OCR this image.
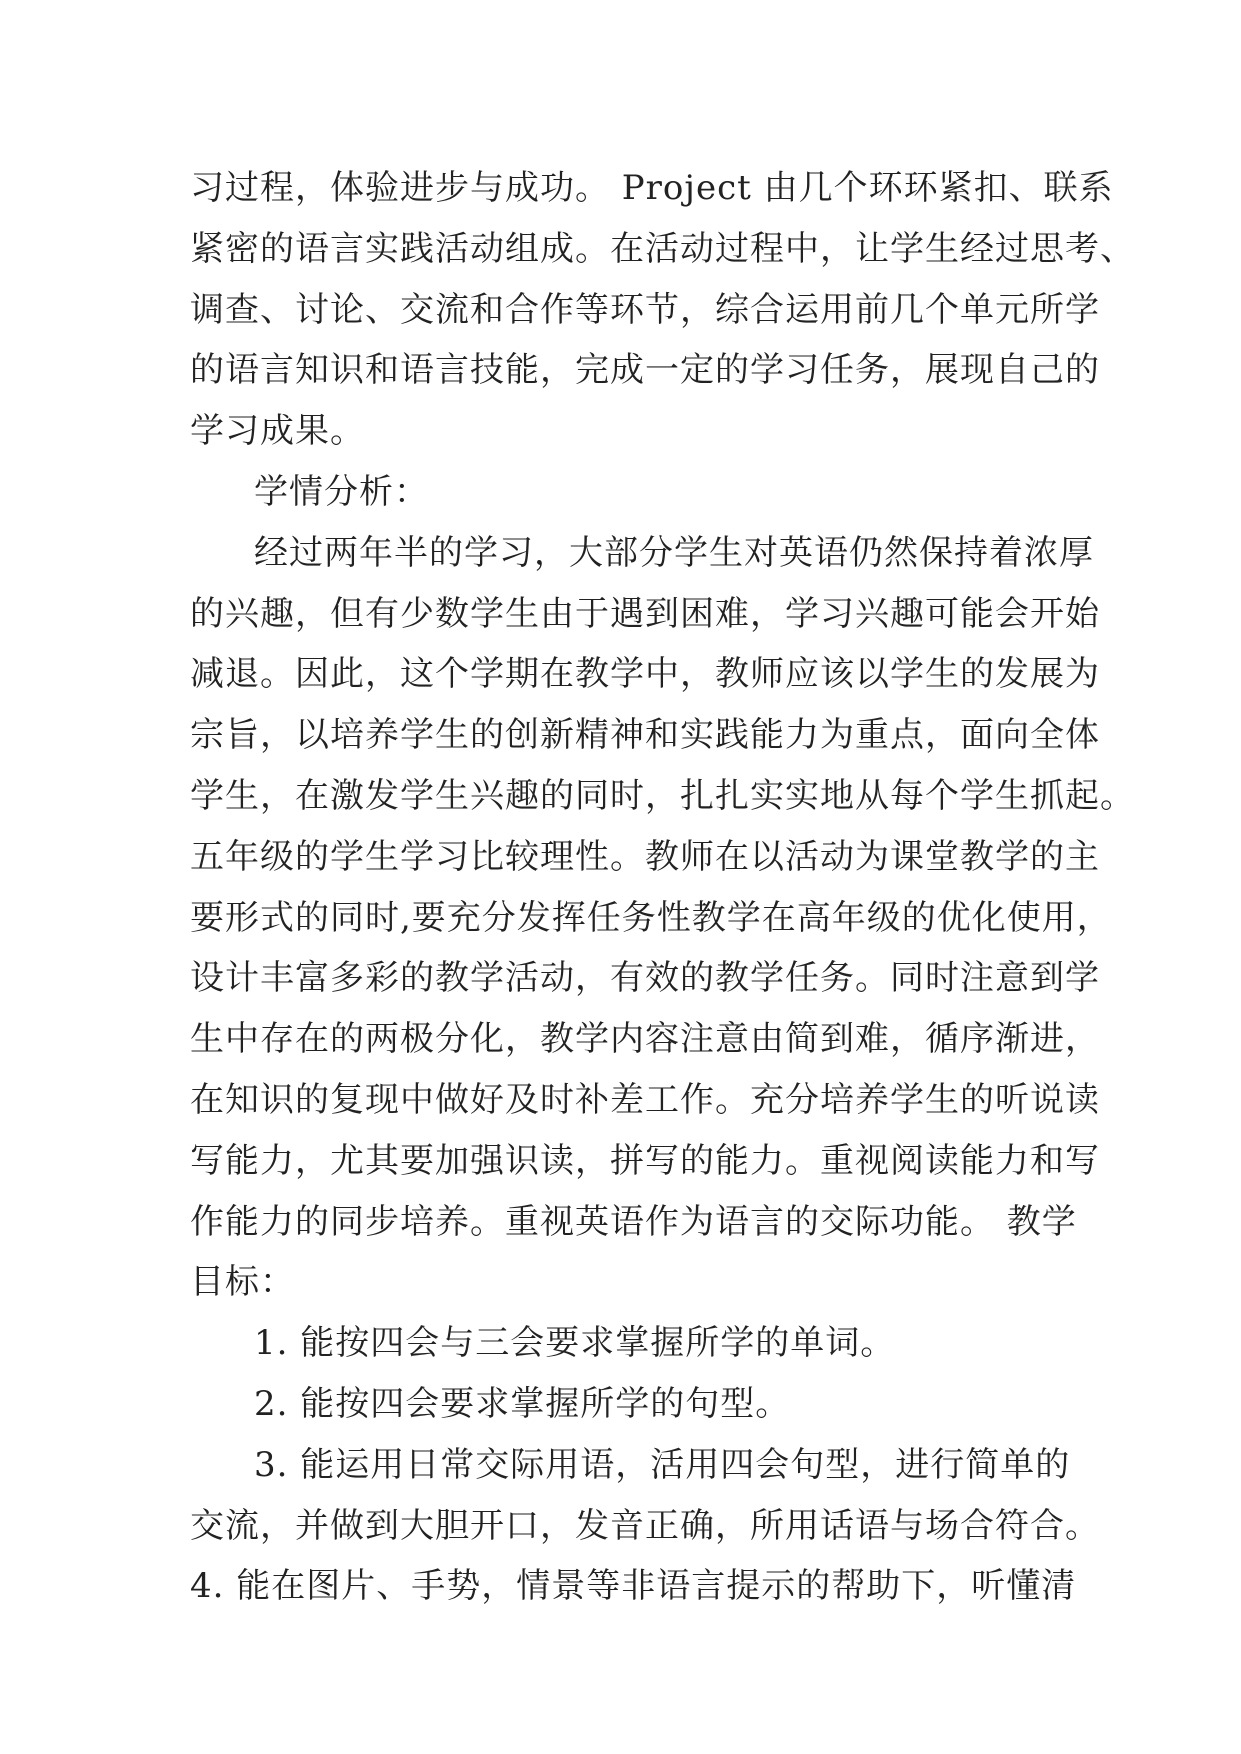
习过程，体验进步与成功。 Project 由几个环环紧扣、联系
紧密的语言实践活动组成。在活动过程中，让学生经过思考、
调查、讨论、交流和合作等环节，综合运用前几个单元所学
的语言知识和语言技能，完成一定的学习任务，展现自己的
学习成果。
学情分析：
经过两年半的学习，大部分学生对英语仍然保持着浓厚
的兴趣，但有少数学生由于遇到困难，学习兴趣可能会开始
减退。因此，这个学期在教学中，教师应该以学生的发展为
宗旨，以培养学生的创新精神和实践能力为重点，面向全体
学生，在激发学生兴趣的同时，扎扎实实地从每个学生抓起。
五年级的学生学习比较理性。教师在以活动为课堂教学的主
要形式的同时,要充分发挥任务性教学在高年级的优化使用，
设计丰富多彩的教学活动，有效的教学任务。同时注意到学
生中存在的两极分化，教学内容注意由简到难，循序渐进，
在知识的复现中做好及时补差工作。充分培养学生的听说读
写能力，尤其要加强识读，拼写的能力。重视阅读能力和写
作能力的同步培养。重视英语作为语言的交际功能。 教学
目标：
1. 能按四会与三会要求掌握所学的单词。
2. 能按四会要求掌握所学的句型。
3. 能运用日常交际用语，活用四会句型，进行简单的
交流，并做到大胆开口，发音正确，所用话语与场合符合。
4. 能在图片、手势，情景等非语言提示的帮助下，听懂清
